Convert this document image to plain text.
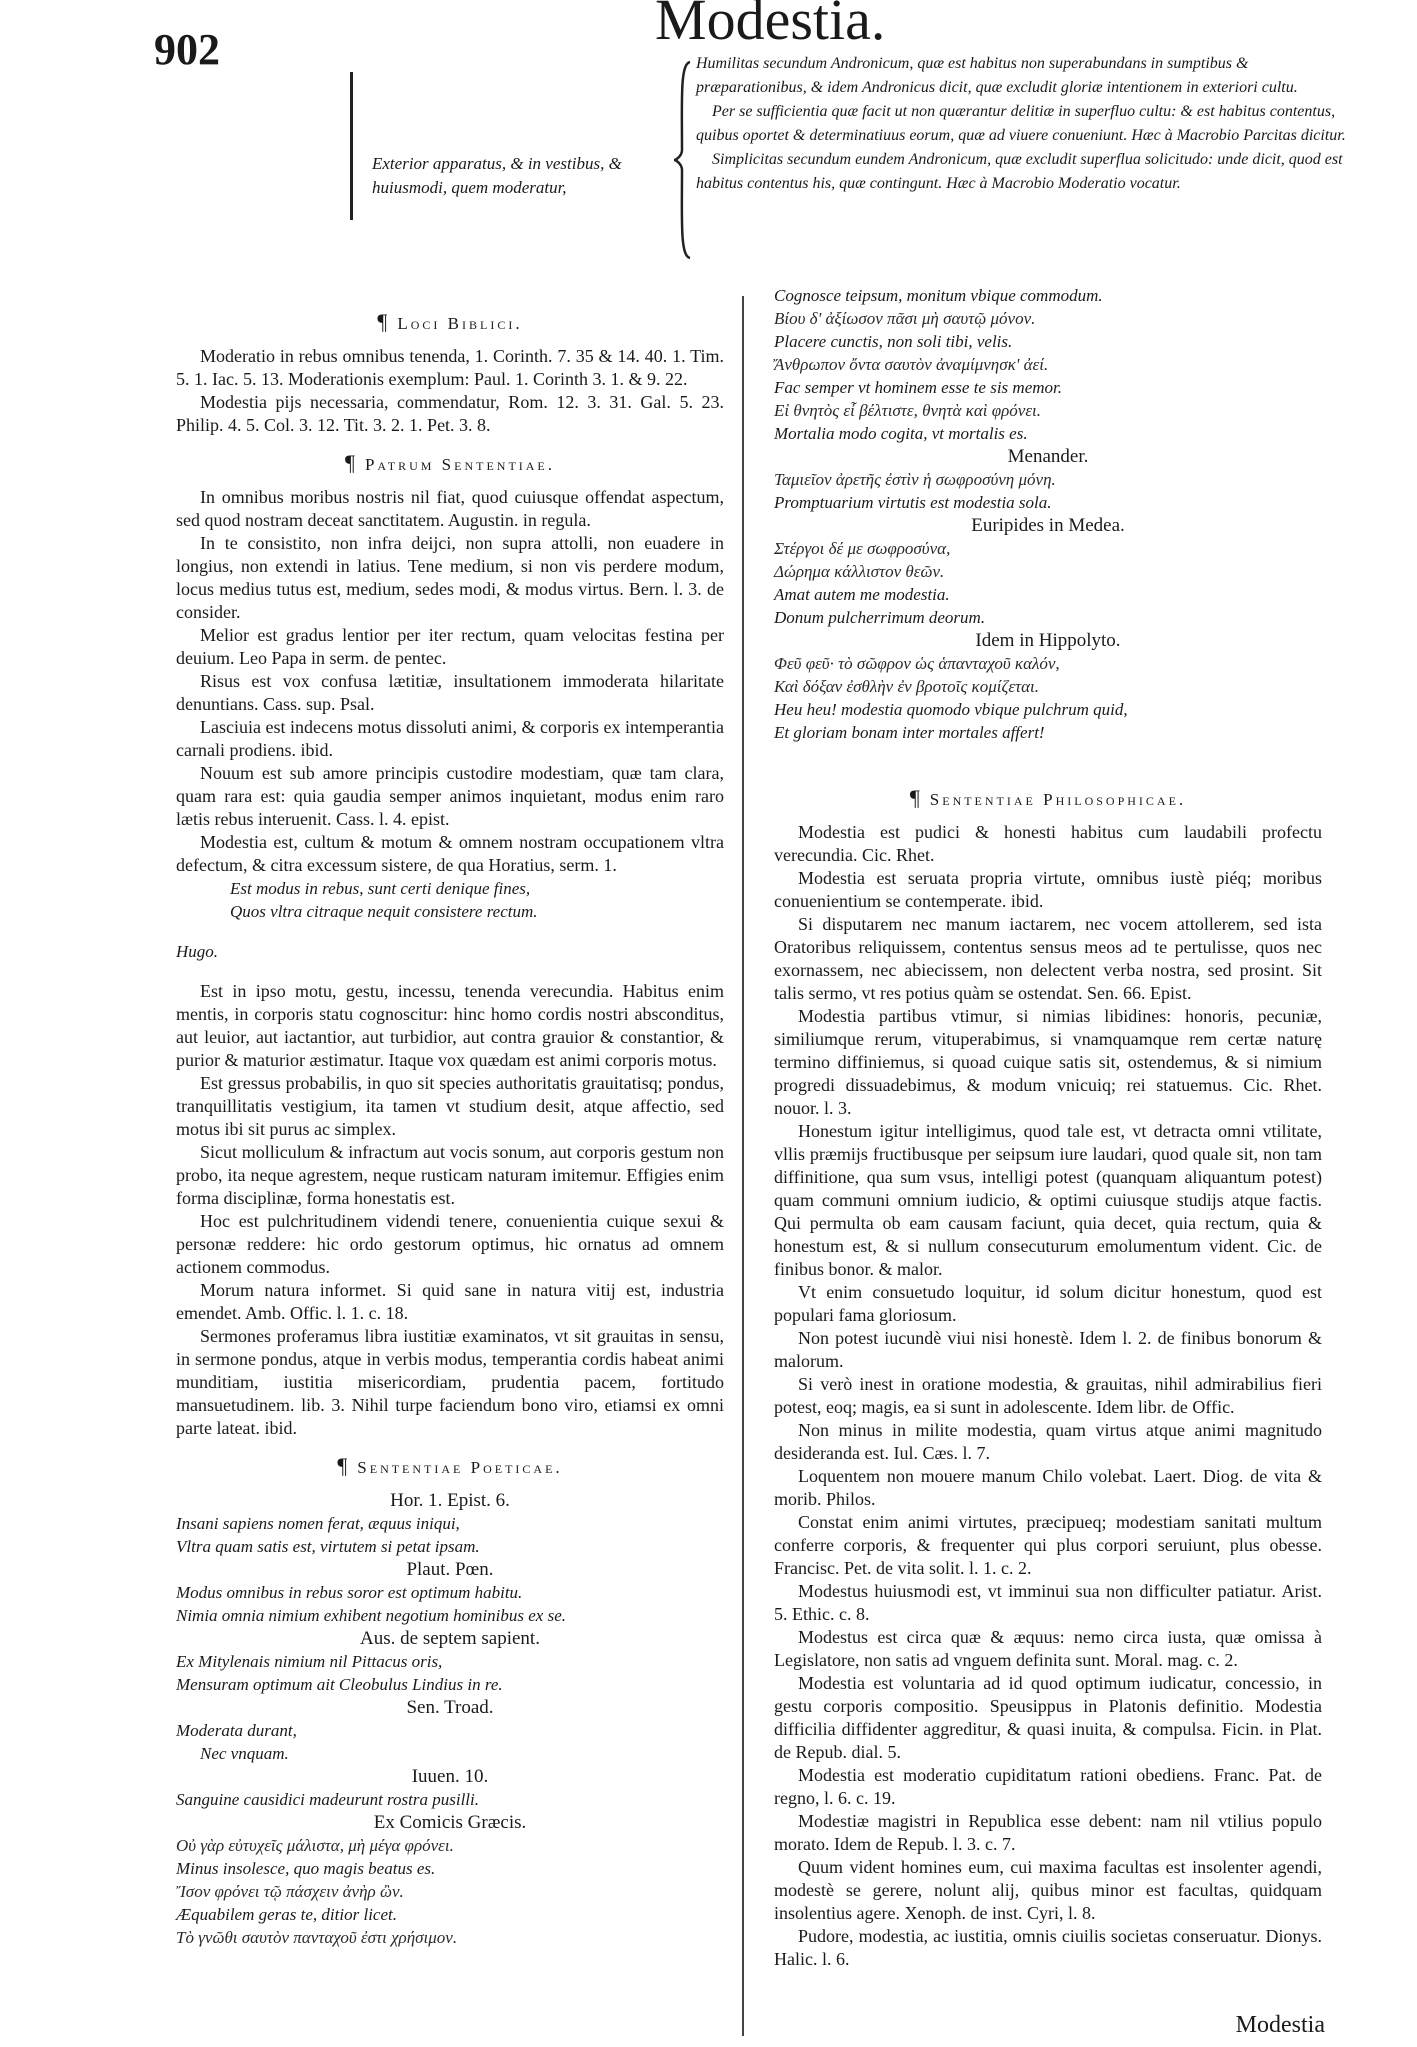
902	Modestia.
Exterior apparatus, & in vestibus, & huiusmodi, quem moderatur,

Humilitas secundum Andronicum, quæ est habitus non superabundans in sumptibus & præparationibus, & idem Andronicus dicit, quæ excludit gloriæ intentionem in exteriori cultu.

Per se sufficientia quæ facit ut non quærantur delitiæ in superfluo cultu: & est habitus contentus, quibus oportet & determinatiuus eorum, quæ ad viuere conueniunt. Hæc à Macrobio Parcitas dicitur.

Simplicitas secundum eundem Andronicum, quæ excludit superflua solicitudo: unde dicit, quod est habitus contentus his, quæ contingunt. Hæc à Macrobio Moderatio vocatur.

¶ Loci Biblici.

Moderatio in rebus omnibus tenenda, 1. Corinth. 7. 35 & 14. 40. 1. Tim. 5. 1. Iac. 5. 13. Moderationis exemplum: Paul. 1. Corinth 3. 1. & 9. 22.

Modestia pijs necessaria, commendatur, Rom. 12. 3. 31. Gal. 5. 23. Philip. 4. 5. Col. 3. 12. Tit. 3. 2. 1. Pet. 3. 8.

¶ Patrum Sententiae.

In omnibus moribus nostris nil fiat, quod cuiusque offendat aspectum, sed quod nostram deceat sanctitatem. Augustin. in regula.

In te consistito, non infra deijci, non supra attolli, non euadere in longius, non extendi in latius. Tene medium, si non vis perdere modum, locus medius tutus est, medium, sedes modi, & modus virtus. Bern. l. 3. de consider.

Melior est gradus lentior per iter rectum, quam velocitas festina per deuium. Leo Papa in serm. de pentec.

Risus est vox confusa lætitiæ, insultationem immoderata hilaritate denuntians. Cass. sup. Psal.

Lasciuia est indecens motus dissoluti animi, & corporis ex intemperantia carnali prodiens. ibid.

Nouum est sub amore principis custodire modestiam, quæ tam clara, quam rara est: quia gaudia semper animos inquietant, modus enim raro lætis rebus interuenit. Cass. l. 4. epist.

Modestia est, cultum & motum & omnem nostram occupationem vltra defectum, & citra excessum sistere, de qua Horatius, serm. 1.

Est modus in rebus, sunt certi denique fines,

Quos vltra citraque nequit consistere rectum.

Hugo.

Est in ipso motu, gestu, incessu, tenenda verecundia. Habitus enim mentis, in corporis statu cognoscitur: hinc homo cordis nostri absconditus, aut leuior, aut iactantior, aut turbidior, aut contra grauior & constantior, & purior & maturior æstimatur. Itaque vox quædam est animi corporis motus.

Est gressus probabilis, in quo sit species authoritatis grauitatisq; pondus, tranquillitatis vestigium, ita tamen vt studium desit, atque affectio, sed motus ibi sit purus ac simplex.

Sicut molliculum & infractum aut vocis sonum, aut corporis gestum non probo, ita neque agrestem, neque rusticam naturam imitemur. Effigies enim forma disciplinæ, forma honestatis est.

Hoc est pulchritudinem videndi tenere, conuenientia cuique sexui & personæ reddere: hic ordo gestorum optimus, hic ornatus ad omnem actionem commodus.

Morum natura informet. Si quid sane in natura vitij est, industria emendet. Amb. Offic. l. 1. c. 18.

Sermones proferamus libra iustitiæ examinatos, vt sit grauitas in sensu, in sermone pondus, atque in verbis modus, temperantia cordis habeat animi munditiam, iustitia misericordiam, prudentia pacem, fortitudo mansuetudinem. lib. 3. Nihil turpe faciendum bono viro, etiamsi ex omni parte lateat. ibid.

¶ Sententiae Poeticae.

Hor. 1. Epist. 6.

Insani sapiens nomen ferat, æquus iniqui,

Vltra quam satis est, virtutem si petat ipsam.

Plaut. Pœn.

Modus omnibus in rebus soror est optimum habitu.

Nimia omnia nimium exhibent negotium hominibus ex se.

Aus. de septem sapient.

Ex Mitylenais nimium nil Pittacus oris,

Mensuram optimum ait Cleobulus Lindius in re.

Sen. Troad.

Moderata durant,

Nec vnquam.

Iuuen. 10.

Sanguine causidici madeurunt rostra pusilli.

Ex Comicis Græcis.

Οὐ γὰρ εὐτυχεῖς μάλιστα, μὴ μέγα φρόνει.

Minus insolesce, quo magis beatus es.

Ἴσον φρόνει τῷ πάσχειν ἀνὴρ ὢν.

Æquabilem geras te, ditior licet.

Τὸ γνῶθι σαυτὸν πανταχοῦ ἐστι χρήσιμον.

Cognosce teipsum, monitum vbique commodum.

Βίου δ' ἀξίωσον πᾶσι μὴ σαυτῷ μόνον.

Placere cunctis, non soli tibi, velis.

Ἄνθρωπον ὄντα σαυτὸν ἀναμίμνησκ' ἀεί.

Fac semper vt hominem esse te sis memor.

Εἰ θνητὸς εἶ βέλτιστε, θνητὰ καὶ φρόνει.

Mortalia modo cogita, vt mortalis es.

Menander.

Ταμιεῖον ἀρετῆς ἐστὶν ἡ σωφροσύνη μόνη.

Promptuarium virtutis est modestia sola.

Euripides in Medea.

Στέργοι δέ με σωφροσύνα,

Δώρημα κάλλιστον θεῶν.

Amat autem me modestia.

Donum pulcherrimum deorum.

Idem in Hippolyto.

Φεῦ φεῦ· τὸ σῶφρον ὡς ἁπανταχοῦ καλόν,

Καὶ δόξαν ἐσθλὴν ἐν βροτοῖς κομίζεται.

Heu heu! modestia quomodo vbique pulchrum quid,

Et gloriam bonam inter mortales affert!

¶ Sententiae Philosophicae.

Modestia est pudici & honesti habitus cum laudabili profectu verecundia. Cic. Rhet.

Modestia est seruata propria virtute, omnibus iustè piéq; moribus conuenientium se contemperate. ibid.

Si disputarem nec manum iactarem, nec vocem attollerem, sed ista Oratoribus reliquissem, contentus sensus meos ad te pertulisse, quos nec exornassem, nec abiecissem, non delectent verba nostra, sed prosint. Sit talis sermo, vt res potius quàm se ostendat. Sen. 66. Epist.

Modestia partibus vtimur, si nimias libidines: honoris, pecuniæ, similiumque rerum, vituperabimus, si vnamquamque rem certæ naturę termino diffiniemus, si quoad cuique satis sit, ostendemus, & si nimium progredi dissuadebimus, & modum vnicuiq; rei statuemus. Cic. Rhet. nouor. l. 3.

Honestum igitur intelligimus, quod tale est, vt detracta omni vtilitate, vllis præmijs fructibusque per seipsum iure laudari, quod quale sit, non tam diffinitione, qua sum vsus, intelligi potest (quanquam aliquantum potest) quam communi omnium iudicio, & optimi cuiusque studijs atque factis. Qui permulta ob eam causam faciunt, quia decet, quia rectum, quia & honestum est, & si nullum consecuturum emolumentum vident. Cic. de finibus bonor. & malor.

Vt enim consuetudo loquitur, id solum dicitur honestum, quod est populari fama gloriosum.

Non potest iucundè viui nisi honestè. Idem l. 2. de finibus bonorum & malorum.

Si verò inest in oratione modestia, & grauitas, nihil admirabilius fieri potest, eoq; magis, ea si sunt in adolescente. Idem libr. de Offic.

Non minus in milite modestia, quam virtus atque animi magnitudo desideranda est. Iul. Cæs. l. 7.

Loquentem non mouere manum Chilo volebat. Laert. Diog. de vita & morib. Philos.

Constat enim animi virtutes, præcipueq; modestiam sanitati multum conferre corporis, & frequenter qui plus corpori seruiunt, plus obesse. Francisc. Pet. de vita solit. l. 1. c. 2.

Modestus huiusmodi est, vt imminui sua non difficulter patiatur. Arist. 5. Ethic. c. 8.

Modestus est circa quæ & æquus: nemo circa iusta, quæ omissa à Legislatore, non satis ad vnguem definita sunt. Moral. mag. c. 2.

Modestia est voluntaria ad id quod optimum iudicatur, concessio, in gestu corporis compositio. Speusippus in Platonis definitio. Modestia difficilia diffidenter aggreditur, & quasi inuita, & compulsa. Ficin. in Plat. de Repub. dial. 5.

Modestia est moderatio cupiditatum rationi obediens. Franc. Pat. de regno, l. 6. c. 19.

Modestiæ magistri in Republica esse debent: nam nil vtilius populo morato. Idem de Repub. l. 3. c. 7.

Quum vident homines eum, cui maxima facultas est insolenter agendi, modestè se gerere, nolunt alij, quibus minor est facultas, quidquam insolentius agere. Xenoph. de inst. Cyri, l. 8.

Pudore, modestia, ac iustitia, omnis ciuilis societas conseruatur. Dionys. Halic. l. 6.

Modestia
